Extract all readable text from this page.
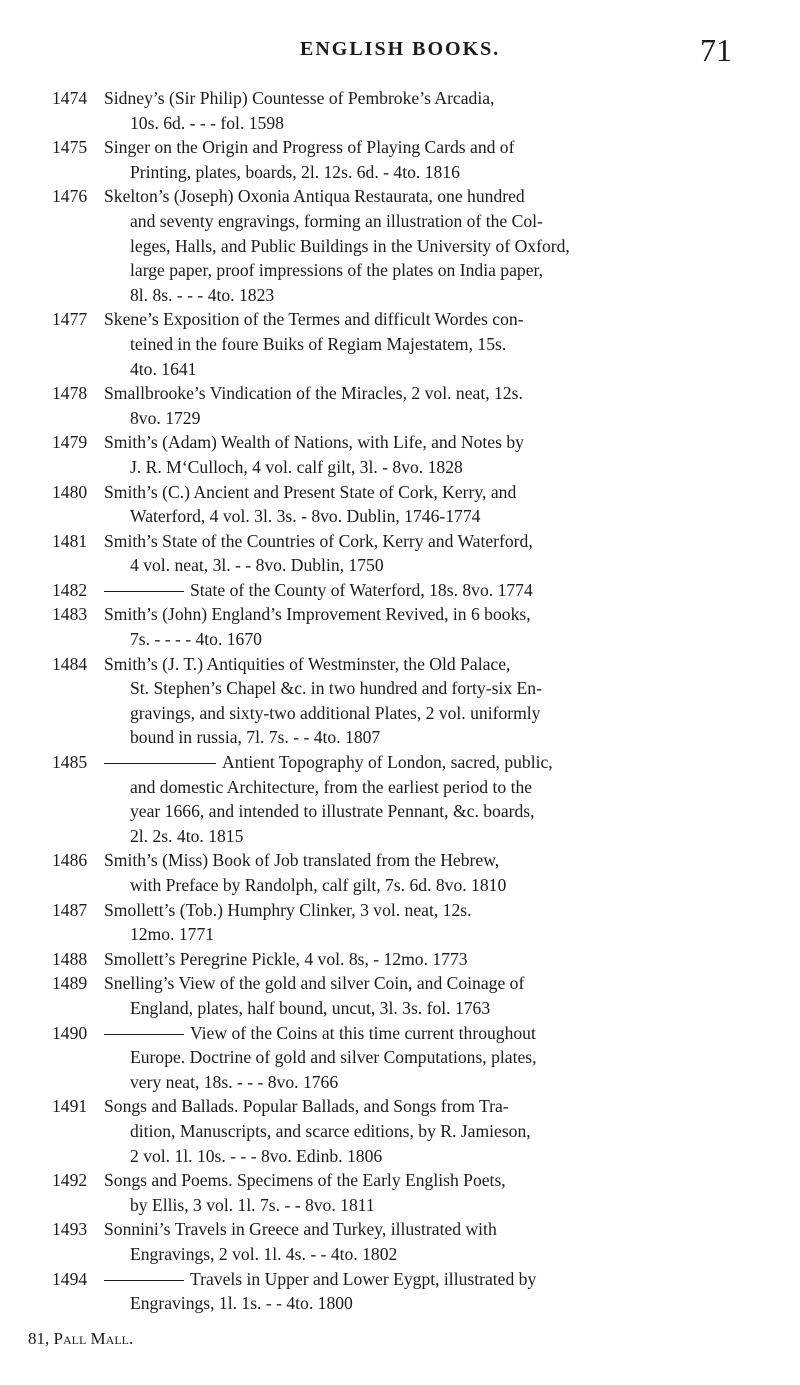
ENGLISH BOOKS.	71
1474 Sidney’s (Sir Philip) Countesse of Pembroke’s Arcadia,
10s. 6d. - - - fol. 1598
1475 Singer on the Origin and Progress of Playing Cards and of
Printing, plates, boards, 2l. 12s. 6d. - 4to. 1816
1476 Skelton’s (Joseph) Oxonia Antiqua Restaurata, one hundred
and seventy engravings, forming an illustration of the Col-
leges, Halls, and Public Buildings in the University of Oxford,
large paper, proof impressions of the plates on India paper,
8l. 8s. - - - 4to. 1823
1477 Skene’s Exposition of the Termes and difficult Wordes con-
teined in the foure Buiks of Regiam Majestatem, 15s.
4to. 1641
1478 Smallbrooke’s Vindication of the Miracles, 2 vol. neat, 12s.
8vo. 1729
1479 Smith’s (Adam) Wealth of Nations, with Life, and Notes by
J. R. M‘Culloch, 4 vol. calf gilt, 3l. - 8vo. 1828
1480 Smith’s (C.) Ancient and Present State of Cork, Kerry, and
Waterford, 4 vol. 3l. 3s. - 8vo. Dublin, 1746-1774
1481 Smith’s State of the Countries of Cork, Kerry and Waterford,
4 vol. neat, 3l. - - 8vo. Dublin, 1750
1482	State of the County of Waterford, 18s. 8vo. 1774
1483 Smith’s (John) England’s Improvement Revived, in 6 books,
7s. - - - - 4to. 1670
1484 Smith’s (J. T.) Antiquities of Westminster, the Old Palace,
St. Stephen’s Chapel &c. in two hundred and forty-six En-
gravings, and sixty-two additional Plates, 2 vol. uniformly
bound in russia, 7l. 7s. - - 4to. 1807
1485	Antient Topography of London, sacred, public,
and domestic Architecture, from the earliest period to the
year 1666, and intended to illustrate Pennant, &c. boards,
2l. 2s. 4to. 1815
1486 Smith’s (Miss) Book of Job translated from the Hebrew,
with Preface by Randolph, calf gilt, 7s. 6d. 8vo. 1810
1487 Smollett’s (Tob.) Humphry Clinker, 3 vol. neat, 12s.
12mo. 1771
1488 Smollett’s Peregrine Pickle, 4 vol. 8s, - 12mo. 1773
1489 Snelling’s View of the gold and silver Coin, and Coinage of
England, plates, half bound, uncut, 3l. 3s. fol. 1763
1490	View of the Coins at this time current throughout
Europe. Doctrine of gold and silver Computations, plates,
very neat, 18s. - - - 8vo. 1766
1491 Songs and Ballads. Popular Ballads, and Songs from Tra-
dition, Manuscripts, and scarce editions, by R. Jamieson,
2 vol. 1l. 10s. - - - 8vo. Edinb. 1806
1492 Songs and Poems. Specimens of the Early English Poets,
by Ellis, 3 vol. 1l. 7s. - - 8vo. 1811
1493 Sonnini’s Travels in Greece and Turkey, illustrated with
Engravings, 2 vol. 1l. 4s. - - 4to. 1802
1494	Travels in Upper and Lower Eygpt, illustrated by
Engravings, 1l. 1s. - - 4to. 1800
81, Pall Mall.
